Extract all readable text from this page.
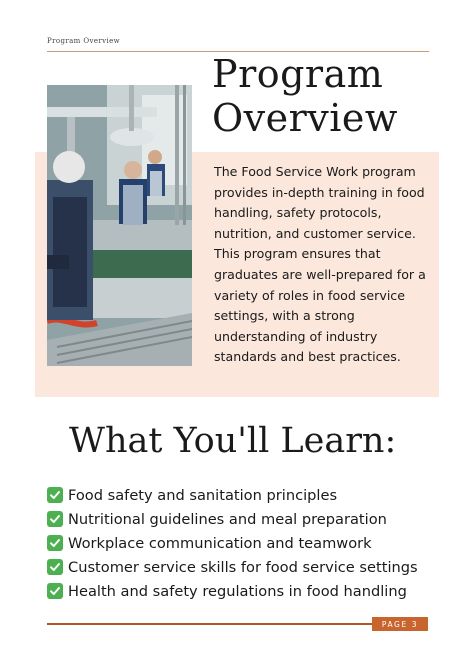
Program Overview
Program
Overview
The Food Service Work program provides in-depth training in food handling, safety protocols, nutrition, and customer service. This program ensures that graduates are well-prepared for a variety of roles in food service settings, with a strong understanding of industry standards and best practices.
What You'll Learn:
Food safety and sanitation principles
Nutritional guidelines and meal preparation
Workplace communication and teamwork
Customer service skills for food service settings
Health and safety regulations in food handling
PAGE 3
